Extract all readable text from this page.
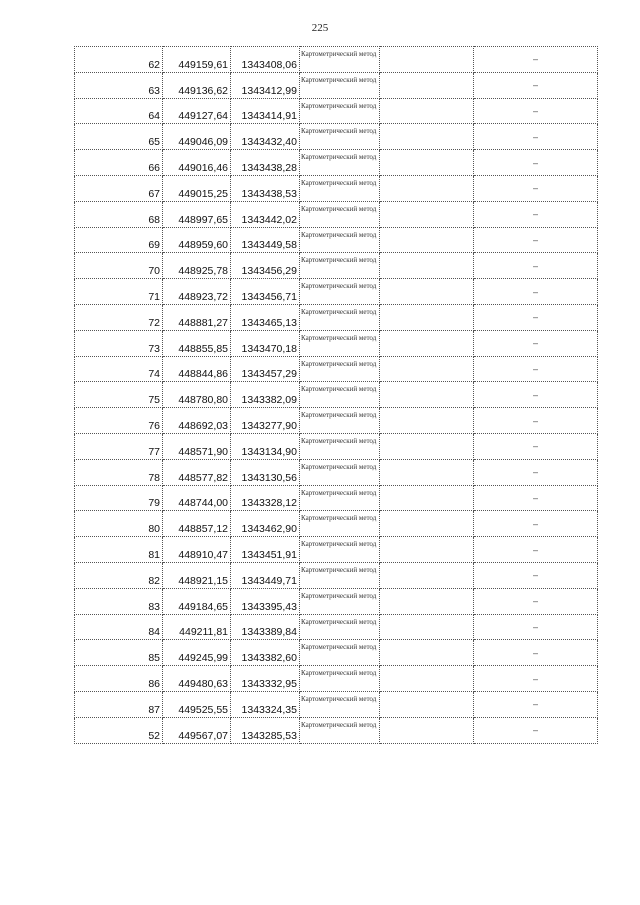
225
62	449159,61	1343408,06	Картометрический метод		–
63	449136,62	1343412,99	Картометрический метод		–
64	449127,64	1343414,91	Картометрический метод		–
65	449046,09	1343432,40	Картометрический метод		–
66	449016,46	1343438,28	Картометрический метод		–
67	449015,25	1343438,53	Картометрический метод		–
68	448997,65	1343442,02	Картометрический метод		–
69	448959,60	1343449,58	Картометрический метод		–
70	448925,78	1343456,29	Картометрический метод		–
71	448923,72	1343456,71	Картометрический метод		–
72	448881,27	1343465,13	Картометрический метод		–
73	448855,85	1343470,18	Картометрический метод		–
74	448844,86	1343457,29	Картометрический метод		–
75	448780,80	1343382,09	Картометрический метод		–
76	448692,03	1343277,90	Картометрический метод		–
77	448571,90	1343134,90	Картометрический метод		–
78	448577,82	1343130,56	Картометрический метод		–
79	448744,00	1343328,12	Картометрический метод		–
80	448857,12	1343462,90	Картометрический метод		–
81	448910,47	1343451,91	Картометрический метод		–
82	448921,15	1343449,71	Картометрический метод		–
83	449184,65	1343395,43	Картометрический метод		–
84	449211,81	1343389,84	Картометрический метод		–
85	449245,99	1343382,60	Картометрический метод		–
86	449480,63	1343332,95	Картометрический метод		–
87	449525,55	1343324,35	Картометрический метод		–
52	449567,07	1343285,53	Картометрический метод		–
